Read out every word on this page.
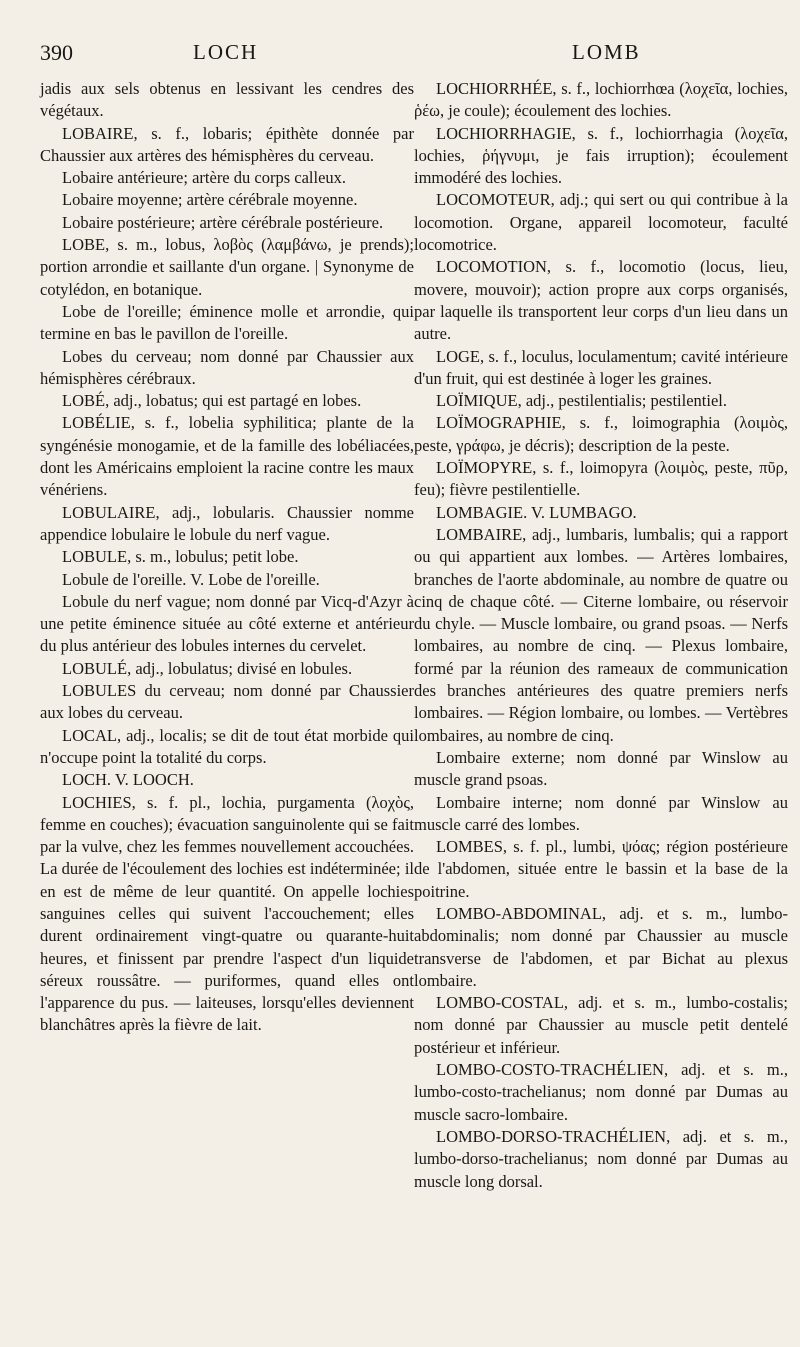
390	LOCH	LOMB

jadis aux sels obtenus en lessivant les cendres des végétaux.

LOBAIRE, s. f., lobaris; épithète donnée par Chaussier aux artères des hémisphères du cerveau.

Lobaire antérieure; artère du corps calleux.

Lobaire moyenne; artère cérébrale moyenne.

Lobaire postérieure; artère cérébrale postérieure.

LOBE, s. m., lobus, λοβὸς (λαμβάνω, je prends); portion arrondie et saillante d'un organe. | Synonyme de cotylédon, en botanique.

Lobe de l'oreille; éminence molle et arrondie, qui termine en bas le pavillon de l'oreille.

Lobes du cerveau; nom donné par Chaussier aux hémisphères cérébraux.

LOBÉ, adj., lobatus; qui est partagé en lobes.

LOBÉLIE, s. f., lobelia syphilitica; plante de la syngénésie monogamie, et de la famille des lobéliacées, dont les Américains emploient la racine contre les maux vénériens.

LOBULAIRE, adj., lobularis. Chaussier nomme appendice lobulaire le lobule du nerf vague.

LOBULE, s. m., lobulus; petit lobe.

Lobule de l'oreille. V. Lobe de l'oreille.

Lobule du nerf vague; nom donné par Vicq-d'Azyr à une petite éminence située au côté externe et antérieur du plus antérieur des lobules internes du cervelet.

LOBULÉ, adj., lobulatus; divisé en lobules.

LOBULES du cerveau; nom donné par Chaussier aux lobes du cerveau.

LOCAL, adj., localis; se dit de tout état morbide qui n'occupe point la totalité du corps.

LOCH. V. LOOCH.

LOCHIES, s. f. pl., lochia, purgamenta (λοχὸς, femme en couches); évacuation sanguinolente qui se fait par la vulve, chez les femmes nouvellement accouchées. La durée de l'écoulement des lochies est indéterminée; il en est de même de leur quantité. On appelle lochies sanguines celles qui suivent l'accouchement; elles durent ordinairement vingt-quatre ou quarante-huit heures, et finissent par prendre l'aspect d'un liquide séreux roussâtre. — puriformes, quand elles ont l'apparence du pus. — laiteuses, lorsqu'elles deviennent blanchâtres après la fièvre de lait.

LOCHIORRHÉE, s. f., lochiorrhœa (λοχεῖα, lochies, ῥέω, je coule); écoulement des lochies.

LOCHIORRHAGIE, s. f., lochiorrhagia (λοχεῖα, lochies, ῥήγνυμι, je fais irruption); écoulement immodéré des lochies.

LOCOMOTEUR, adj.; qui sert ou qui contribue à la locomotion. Organe, appareil locomoteur, faculté locomotrice.

LOCOMOTION, s. f., locomotio (locus, lieu, movere, mouvoir); action propre aux corps organisés, par laquelle ils transportent leur corps d'un lieu dans un autre.

LOGE, s. f., loculus, loculamentum; cavité intérieure d'un fruit, qui est destinée à loger les graines.

LOÏMIQUE, adj., pestilentialis; pestilentiel.

LOÏMOGRAPHIE, s. f., loimographia (λοιμὸς, peste, γράφω, je décris); description de la peste.

LOÏMOPYRE, s. f., loimopyra (λοιμὸς, peste, πῦρ, feu); fièvre pestilentielle.

LOMBAGIE. V. LUMBAGO.

LOMBAIRE, adj., lumbaris, lumbalis; qui a rapport ou qui appartient aux lombes. — Artères lombaires, branches de l'aorte abdominale, au nombre de quatre ou cinq de chaque côté. — Citerne lombaire, ou réservoir du chyle. — Muscle lombaire, ou grand psoas. — Nerfs lombaires, au nombre de cinq. — Plexus lombaire, formé par la réunion des rameaux de communication des branches antérieures des quatre premiers nerfs lombaires. — Région lombaire, ou lombes. — Vertèbres lombaires, au nombre de cinq.

Lombaire externe; nom donné par Winslow au muscle grand psoas.

Lombaire interne; nom donné par Winslow au muscle carré des lombes.

LOMBES, s. f. pl., lumbi, ψόας; région postérieure de l'abdomen, située entre le bassin et la base de la poitrine.

LOMBO-ABDOMINAL, adj. et s. m., lumbo-abdominalis; nom donné par Chaussier au muscle transverse de l'abdomen, et par Bichat au plexus lombaire.

LOMBO-COSTAL, adj. et s. m., lumbo-costalis; nom donné par Chaussier au muscle petit dentelé postérieur et inférieur.

LOMBO-COSTO-TRACHÉLIEN, adj. et s. m., lumbo-costo-trachelianus; nom donné par Dumas au muscle sacro-lombaire.

LOMBO-DORSO-TRACHÉLIEN, adj. et s. m., lumbo-dorso-trachelianus; nom donné par Dumas au muscle long dorsal.
